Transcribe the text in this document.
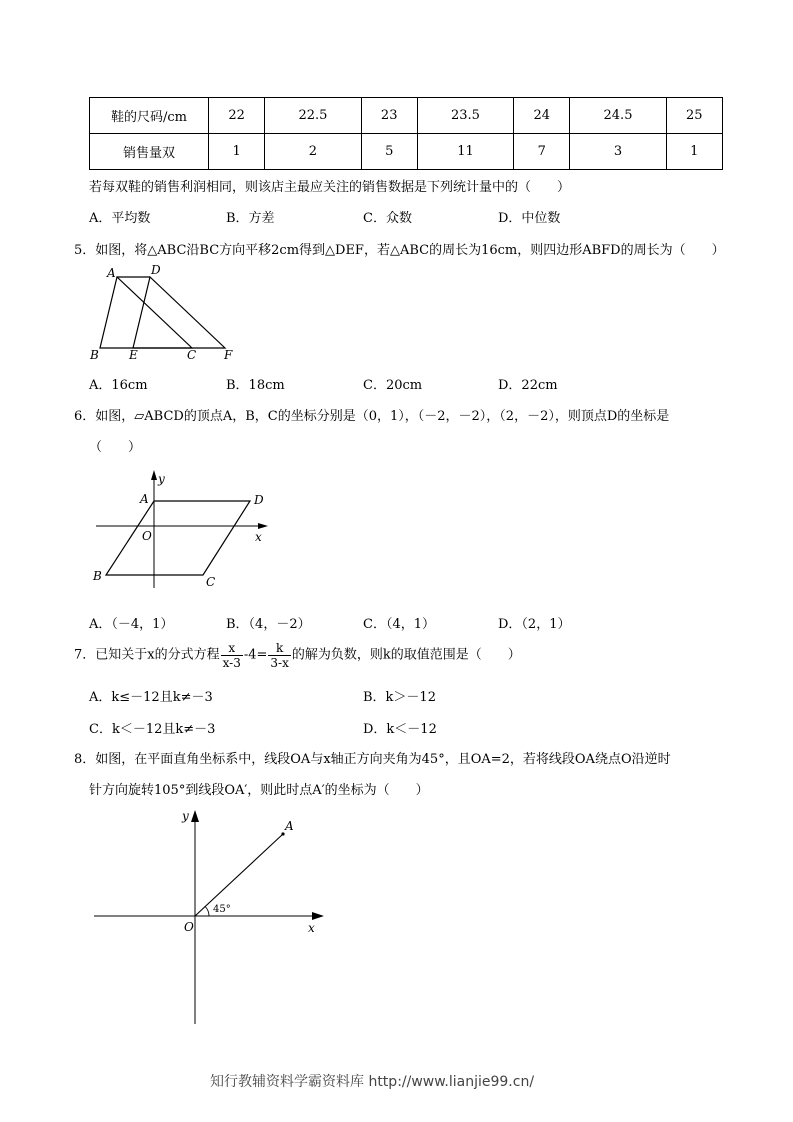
鞋的尺码/cm	22	22.5	23	23.5	24	24.5	25
销售量双	1	2	5	11	7	3	1
若每双鞋的销售利润相同，则该店主最应关注的销售数据是下列统计量中的（　　）
A．平均数	B．方差	C．众数	D．中位数
5．如图，将△ABC沿BC方向平移2cm得到△DEF，若△ABC的周长为16cm，则四边形ABFD的周长为（　　）
A	D
B	E	C F
A．16cm	B．18cm	C．20cm	D．22cm
6．如图，▱ABCD的顶点A，B，C的坐标分别是（0，1），（－2，－2），（2，－2），则顶点D的坐标是
（　　）
y
A	D
O	x
B	C
A．（－4，1）	B．（4，－2）	C．（4，1）	D．（2，1）
7．已知关于x的分式方程 $\frac{x}{x-3} -4= \frac{k}{3-x}$ 的解为负数，则k的取值范围是（　　）
A．k≤－12且k≠－3	B．k＞－12
C．k＜－12且k≠－3	D．k＜－12
8．如图，在平面直角坐标系中，线段OA与x轴正方向夹角为45°，且OA=2，若将线段OA绕点O沿逆时
针方向旋转105°到线段OA′，则此时点A′的坐标为（　　）
y
A
45°
O	x
知行教辅资料学霸资料库 http://www.lianjie99.cn/
